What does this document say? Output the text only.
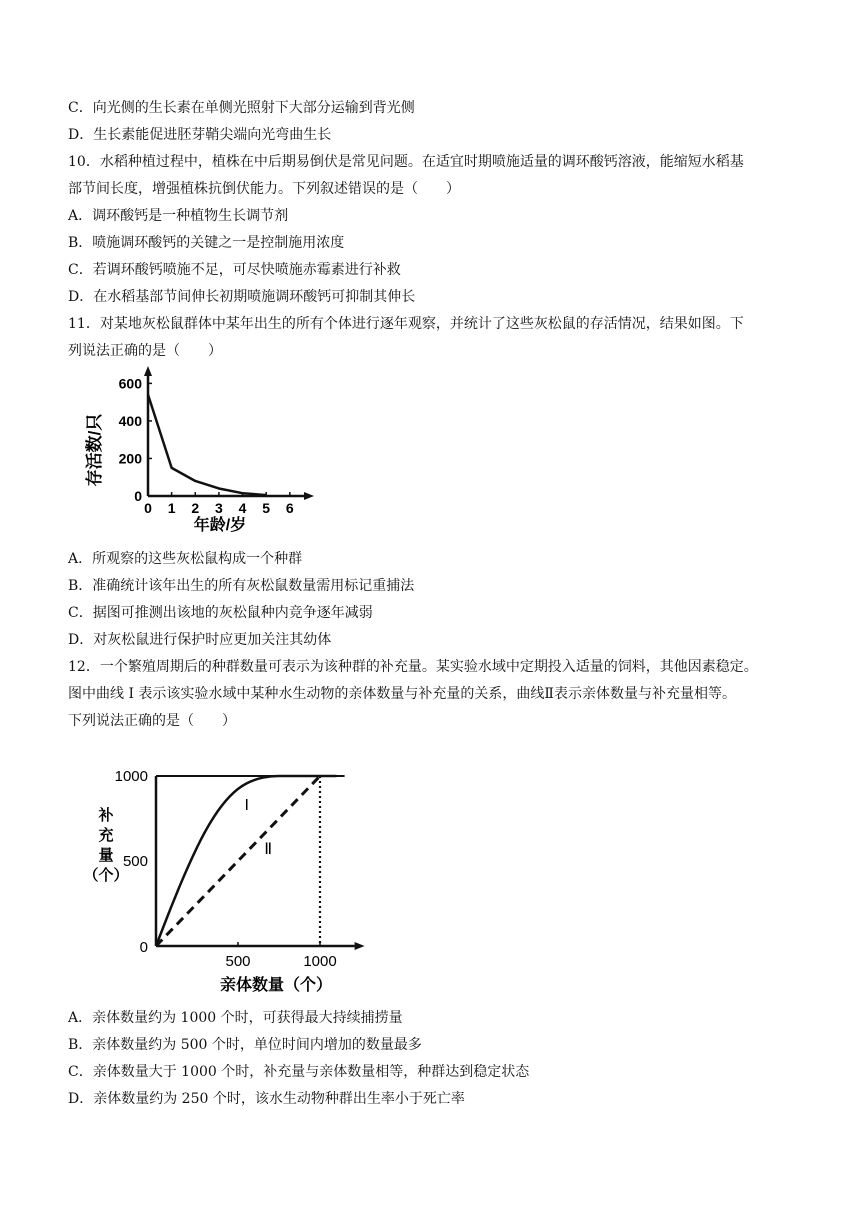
C．向光侧的生长素在单侧光照射下大部分运输到背光侧
D．生长素能促进胚芽鞘尖端向光弯曲生长
10．水稻种植过程中，植株在中后期易倒伏是常见问题。在适宜时期喷施适量的调环酸钙溶液，能缩短水稻基
部节间长度，增强植株抗倒伏能力。下列叙述错误的是（　　）
A．调环酸钙是一种植物生长调节剂
B．喷施调环酸钙的关键之一是控制施用浓度
C．若调环酸钙喷施不足，可尽快喷施赤霉素进行补救
D．在水稻基部节间伸长初期喷施调环酸钙可抑制其伸长
11．对某地灰松鼠群体中某年出生的所有个体进行逐年观察，并统计了这些灰松鼠的存活情况，结果如图。下
列说法正确的是（　　）
0 1 2 3 4 5 6
0
200
400
600
存活数/只
年龄/岁
A．所观察的这些灰松鼠构成一个种群
B．准确统计该年出生的所有灰松鼠数量需用标记重捕法
C．据图可推测出该地的灰松鼠种内竞争逐年减弱
D．对灰松鼠进行保护时应更加关注其幼体
12．一个繁殖周期后的种群数量可表示为该种群的补充量。某实验水域中定期投入适量的饲料，其他因素稳定。
图中曲线 I 表示该实验水域中某种水生动物的亲体数量与补充量的关系，曲线Ⅱ表示亲体数量与补充量相等。
下列说法正确的是（　　）
500	1000
0
500
1000
I
Ⅱ
补
充
量
（个）
亲体数量（个）
A．亲体数量约为 1000 个时，可获得最大持续捕捞量
B．亲体数量约为 500 个时，单位时间内增加的数量最多
C．亲体数量大于 1000 个时，补充量与亲体数量相等，种群达到稳定状态
D．亲体数量约为 250 个时，该水生动物种群出生率小于死亡率
